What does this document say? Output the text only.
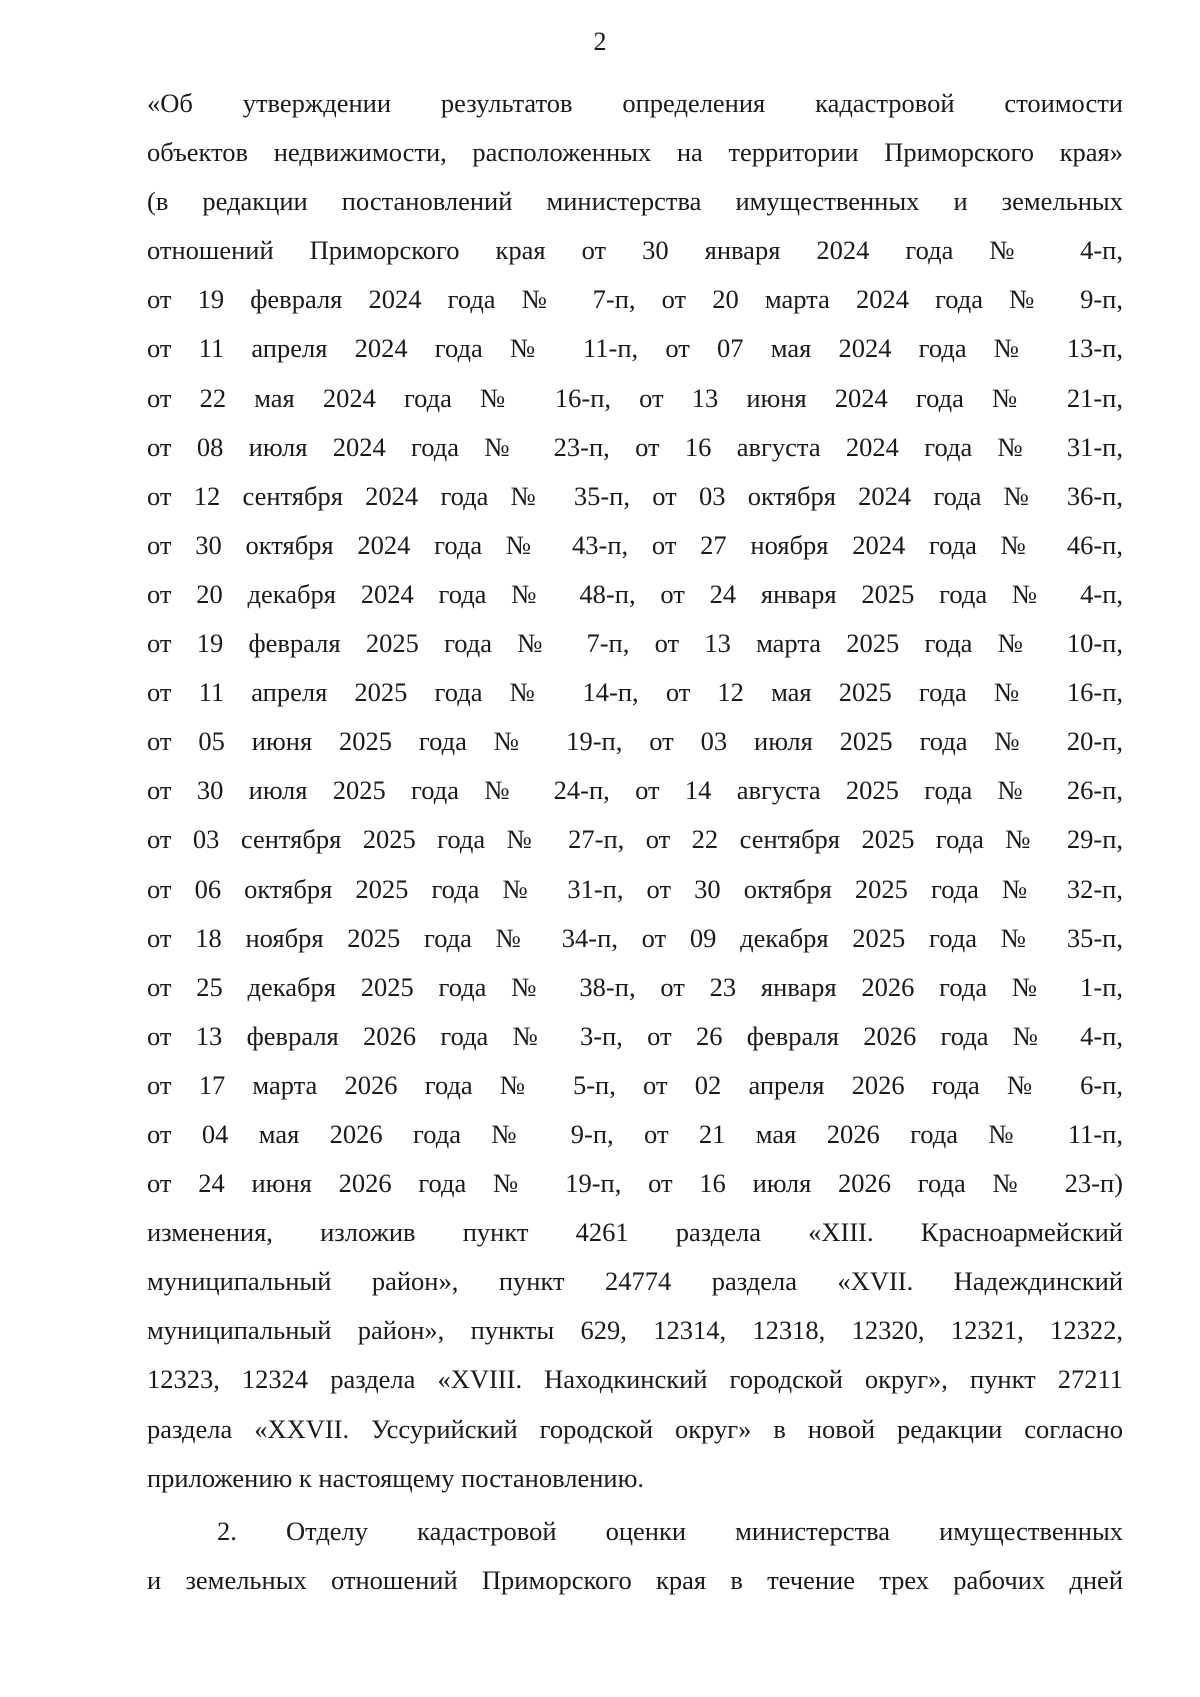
2
«Об утверждении результатов определения кадастровой стоимости
объектов недвижимости, расположенных на территории Приморского края»
(в редакции постановлений министерства имущественных и земельных
отношений Приморского края от 30 января 2024 года № 4-п,
от 19 февраля 2024 года № 7-п, от 20 марта 2024 года № 9-п,
от 11 апреля 2024 года № 11-п, от 07 мая 2024 года № 13-п,
от 22 мая 2024 года № 16-п, от 13 июня 2024 года № 21-п,
от 08 июля 2024 года № 23-п, от 16 августа 2024 года № 31-п,
от 12 сентября 2024 года № 35-п, от 03 октября 2024 года № 36-п,
от 30 октября 2024 года № 43-п, от 27 ноября 2024 года № 46-п,
от 20 декабря 2024 года № 48-п, от 24 января 2025 года № 4-п,
от 19 февраля 2025 года № 7-п, от 13 марта 2025 года № 10-п,
от 11 апреля 2025 года № 14-п, от 12 мая 2025 года № 16-п,
от 05 июня 2025 года № 19-п, от 03 июля 2025 года № 20-п,
от 30 июля 2025 года № 24-п, от 14 августа 2025 года № 26-п,
от 03 сентября 2025 года № 27-п, от 22 сентября 2025 года № 29-п,
от 06 октября 2025 года № 31-п, от 30 октября 2025 года № 32-п,
от 18 ноября 2025 года № 34-п, от 09 декабря 2025 года № 35-п,
от 25 декабря 2025 года № 38-п, от 23 января 2026 года № 1-п,
от 13 февраля 2026 года № 3-п, от 26 февраля 2026 года № 4-п,
от 17 марта 2026 года № 5-п, от 02 апреля 2026 года № 6-п,
от 04 мая 2026 года № 9-п, от 21 мая 2026 года № 11-п,
от 24 июня 2026 года № 19-п, от 16 июля 2026 года № 23-п)
изменения, изложив пункт 4261 раздела «XIII. Красноармейский
муниципальный район», пункт 24774 раздела «XVII. Надеждинский
муниципальный район», пункты 629, 12314, 12318, 12320, 12321, 12322,
12323, 12324 раздела «XVIII. Находкинский городской округ», пункт 27211
раздела «XXVII. Уссурийский городской округ» в новой редакции согласно
приложению к настоящему постановлению.
2. Отделу кадастровой оценки министерства имущественных
и земельных отношений Приморского края в течение трех рабочих дней
